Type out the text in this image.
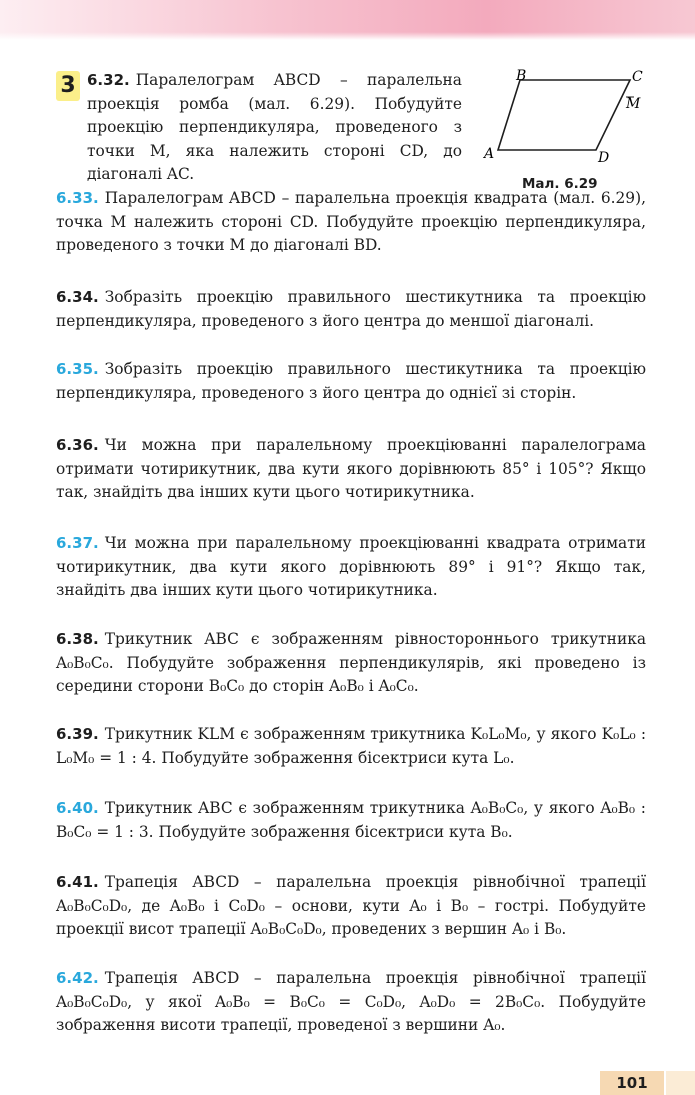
3 6.32. Паралелограм ABCD – паралельна проекція ромба (мал. 6.29). Побудуйте проекцію перпендикуляра, проведеного з точки M, яка належить стороні CD, до діагоналі AC.
B	C
M
A	D
Мал. 6.29
6.33. Паралелограм ABCD – паралельна проекція квадрата (мал. 6.29), точка M належить стороні CD. Побудуйте проекцію перпендикуляра, проведеного з точки M до діагоналі BD.
6.34. Зобразіть проекцію правильного шестикутника та проекцію перпендикуляра, проведеного з його центра до меншої діагоналі.
6.35. Зобразіть проекцію правильного шестикутника та проекцію перпендикуляра, проведеного з його центра до однієї зі сторін.
6.36. Чи можна при паралельному проекціюванні паралелограма отримати чотирикутник, два кути якого дорівнюють 85° і 105°? Якщо так, знайдіть два інших кути цього чотирикутника.
6.37. Чи можна при паралельному проекціюванні квадрата отримати чотирикутник, два кути якого дорівнюють 89° і 91°? Якщо так, знайдіть два інших кути цього чотирикутника.
6.38. Трикутник ABC є зображенням рівностороннього трикутника A₀B₀C₀. Побудуйте зображення перпендикулярів, які проведено із середини сторони B₀C₀ до сторін A₀B₀ і A₀C₀.
6.39. Трикутник KLM є зображенням трикутника K₀L₀M₀, у якого K₀L₀ : L₀M₀ = 1 : 4. Побудуйте зображення бісектриси кута L₀.
6.40. Трикутник ABC є зображенням трикутника A₀B₀C₀, у якого A₀B₀ : B₀C₀ = 1 : 3. Побудуйте зображення бісектриси кута B₀.
6.41. Трапеція ABCD – паралельна проекція рівнобічної трапеції A₀B₀C₀D₀, де A₀B₀ і C₀D₀ – основи, кути A₀ і B₀ – гострі. Побудуйте проекції висот трапеції A₀B₀C₀D₀, проведених з вершин A₀ і B₀.
6.42. Трапеція ABCD – паралельна проекція рівнобічної трапеції A₀B₀C₀D₀, у якої A₀B₀ = B₀C₀ = C₀D₀, A₀D₀ = 2B₀C₀. Побудуйте зображення висоти трапеції, проведеної з вершини A₀.
101
